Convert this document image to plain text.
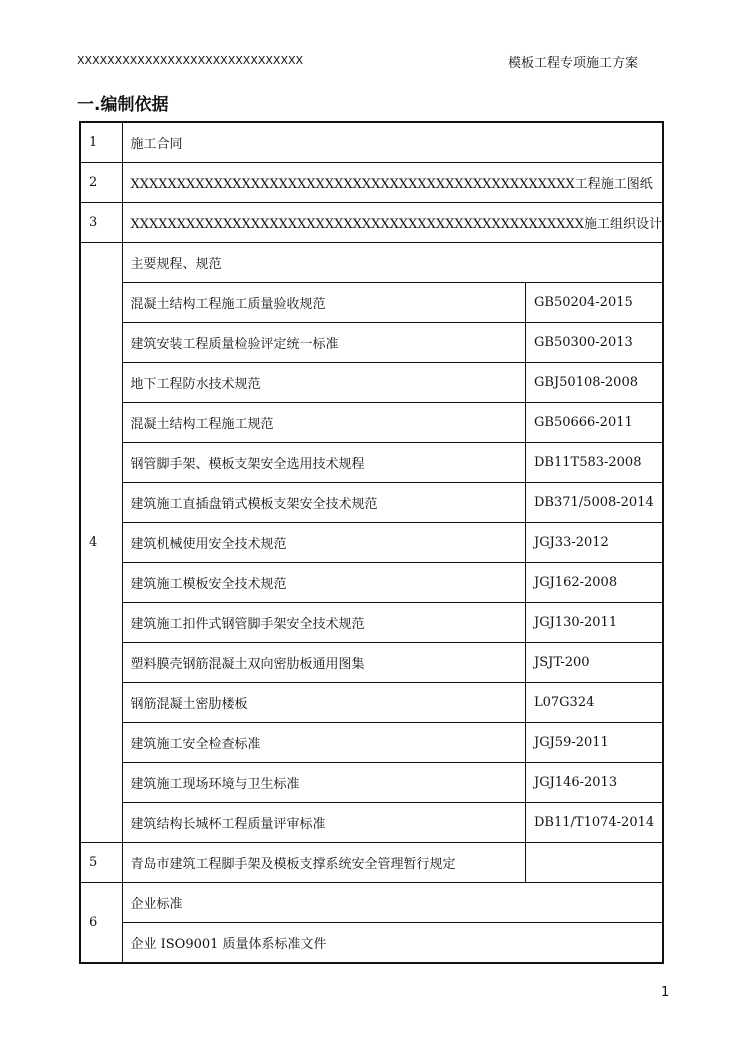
XXXXXXXXXXXXXXXXXXXXXXXXXXXXXX	模板工程专项施工方案
一.编制依据
1	施工合同	
2	XXXXXXXXXXXXXXXXXXXXXXXXXXXXXXXXXXXXXXXXXXXXXXXX工程施工图纸	
3	XXXXXXXXXXXXXXXXXXXXXXXXXXXXXXXXXXXXXXXXXXXXXXXXX施工组织设计	
4	主要规程、规范	
	混凝土结构工程施工质量验收规范	GB50204-2015
	建筑安装工程质量检验评定统一标准	GB50300-2013
	地下工程防水技术规范	GBJ50108-2008
	混凝土结构工程施工规范	GB50666-2011
	钢管脚手架、模板支架安全选用技术规程	DB11T583-2008
	建筑施工直插盘销式模板支架安全技术规范	DB371/5008-2014
	建筑机械使用安全技术规范	JGJ33-2012
	建筑施工模板安全技术规范	JGJ162-2008
	建筑施工扣件式钢管脚手架安全技术规范	JGJ130-2011
	塑料膜壳钢筋混凝土双向密肋板通用图集	JSJT-200
	钢筋混凝土密肋楼板	L07G324
	建筑施工安全检查标准	JGJ59-2011
	建筑施工现场环境与卫生标准	JGJ146-2013
	建筑结构长城杯工程质量评审标准	DB11/T1074-2014
5	青岛市建筑工程脚手架及模板支撑系统安全管理暂行规定	
6	企业标准	
	企业 ISO9001 质量体系标准文件	
1
